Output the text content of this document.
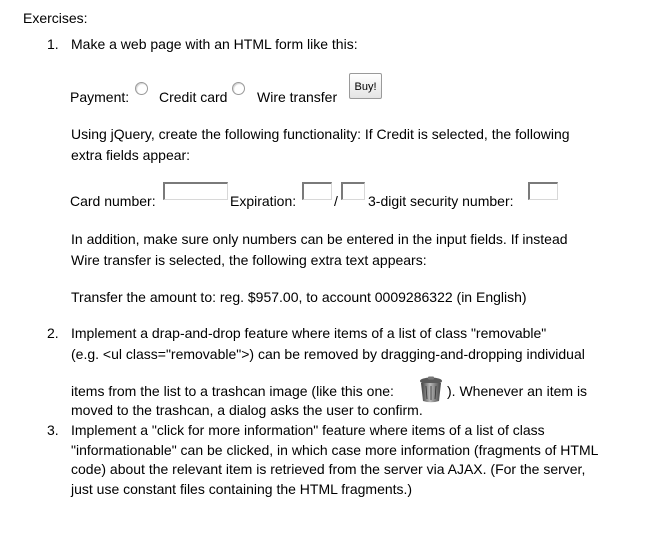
Exercises:
1. Make a web page with an HTML form like this:
Payment: Credit card Wire transfer
Buy!
Using jQuery, create the following functionality: If Credit is selected, the following
extra fields appear:
Card number:	Expiration:	/ 3-digit security number:
In addition, make sure only numbers can be entered in the input fields. If instead
Wire transfer is selected, the following extra text appears:
Transfer the amount to: reg. $957.00, to account 0009286322 (in English)
2. Implement a drap-and-drop feature where items of a list of class "removable"
(e.g. <ul class="removable">) can be removed by dragging-and-dropping individual
items from the list to a trashcan image (like this one:	). Whenever an item is
moved to the trashcan, a dialog asks the user to confirm.
3. Implement a "click for more information" feature where items of a list of class
"informationable" can be clicked, in which case more information (fragments of HTML
code) about the relevant item is retrieved from the server via AJAX. (For the server,
just use constant files containing the HTML fragments.)
